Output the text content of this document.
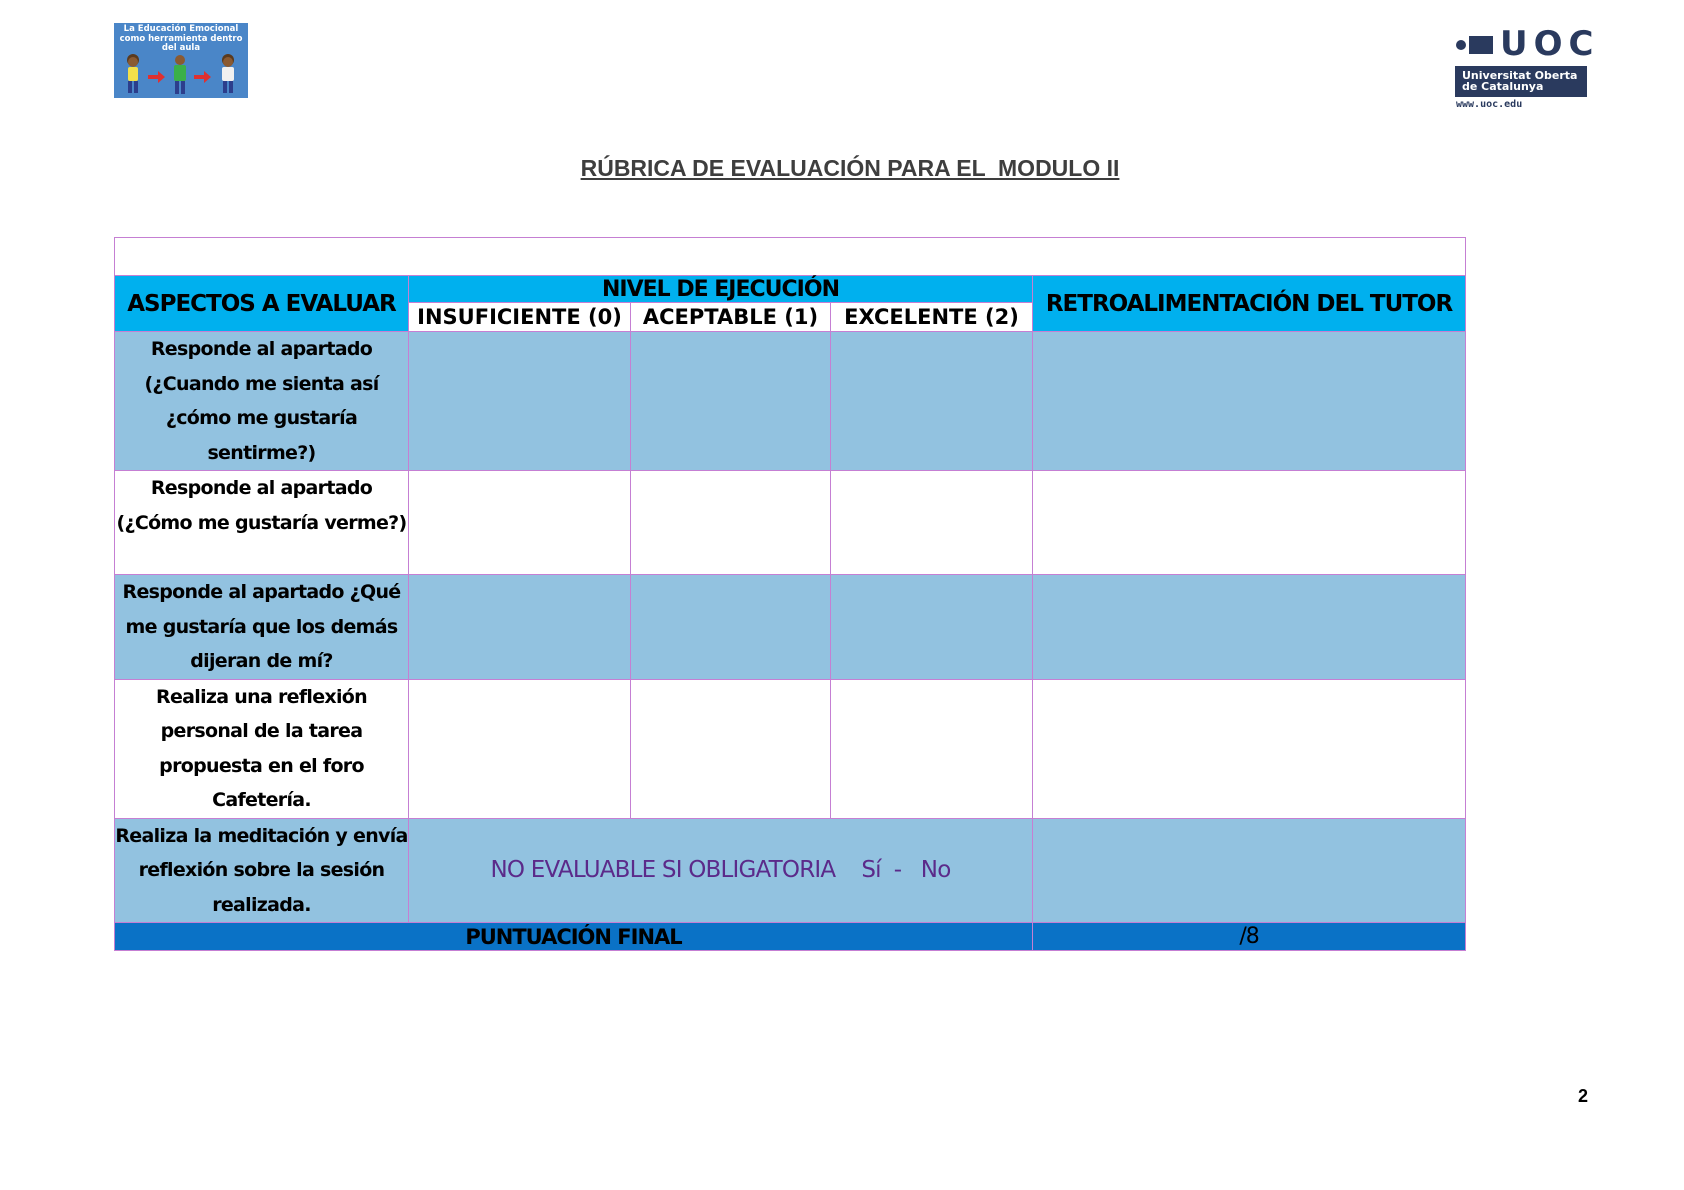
La Educación Emocional
como herramienta dentro
del aula	UOC
Universitat Oberta
de Catalunya
www.uoc.edu
RÚBRICA DE EVALUACIÓN PARA EL  MODULO II

ASPECTOS A EVALUAR	NIVEL DE EJECUCIÓN			RETROALIMENTACIÓN DEL TUTOR
	INSUFICIENTE (0)	ACEPTABLE (1)	EXCELENTE (2)	
Responde al apartado (¿Cuando me sienta así ¿cómo me gustaría sentirme?)				
Responde al apartado (¿Cómo me gustaría verme?)				
Responde al apartado ¿Qué me gustaría que los demás dijeran de mí?				
Realiza una reflexión personal de la tarea propuesta en el foro Cafetería.				
Realiza la meditación y envía reflexión sobre la sesión realizada.	NO EVALUABLE SI OBLIGATORIA    Sí  -   No			
PUNTUACIÓN FINAL				/8
2
